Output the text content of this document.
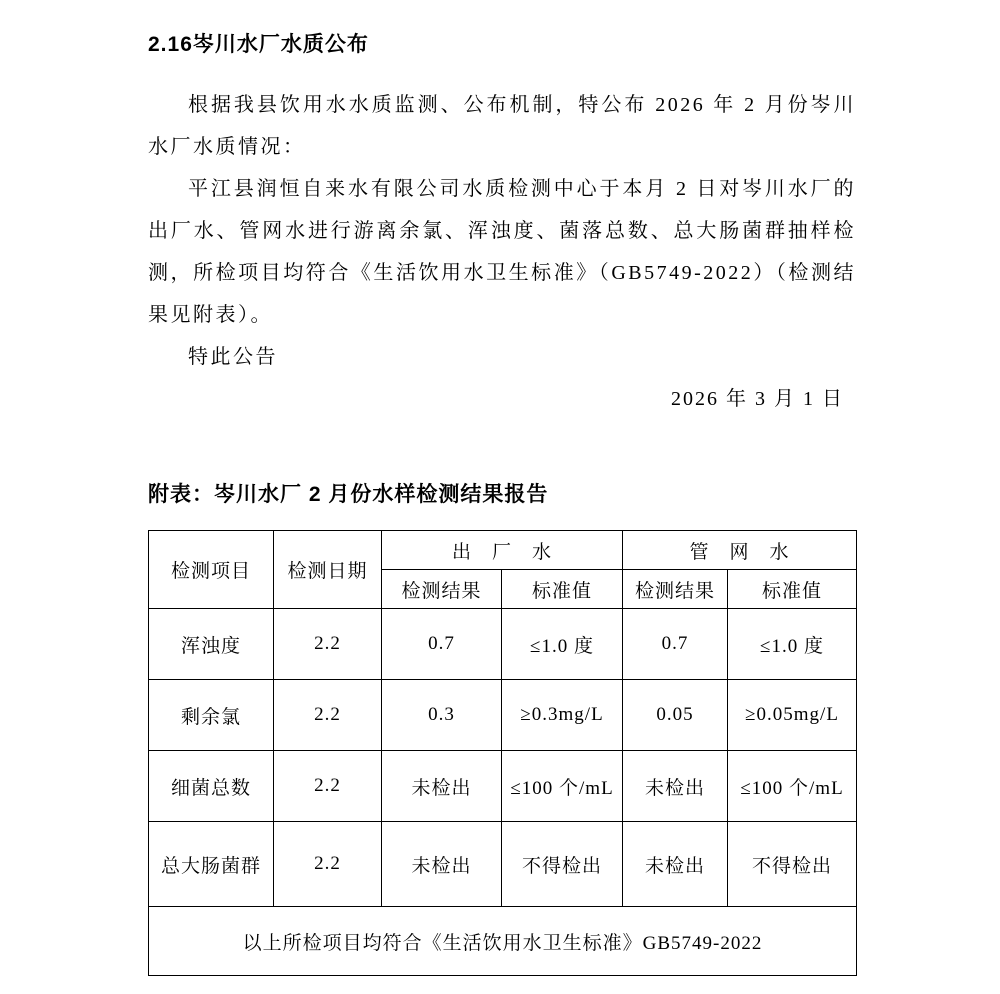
2.16岑川水厂水质公布

根据我县饮用水水质监测、公布机制，特公布 2026 年 2 月份岑川水厂水质情况：

平江县润恒自来水有限公司水质检测中心于本月 2 日对岑川水厂的出厂水、管网水进行游离余氯、浑浊度、菌落总数、总大肠菌群抽样检测，所检项目均符合《生活饮用水卫生标准》（GB5749-2022）（检测结果见附表）。

特此公告

2026 年 3 月 1 日

附表：岑川水厂 2 月份水样检测结果报告
检测项目	检测日期	出　厂　水		管　网　水	
		检测结果	标准值	检测结果	标准值
浑浊度	2.2	0.7	≤1.0 度	0.7	≤1.0 度
剩余氯	2.2	0.3	≥0.3mg/L	0.05	≥0.05mg/L
细菌总数	2.2	未检出	≤100 个/mL	未检出	≤100 个/mL
总大肠菌群	2.2	未检出	不得检出	未检出	不得检出
以上所检项目均符合《生活饮用水卫生标准》GB5749-2022					
